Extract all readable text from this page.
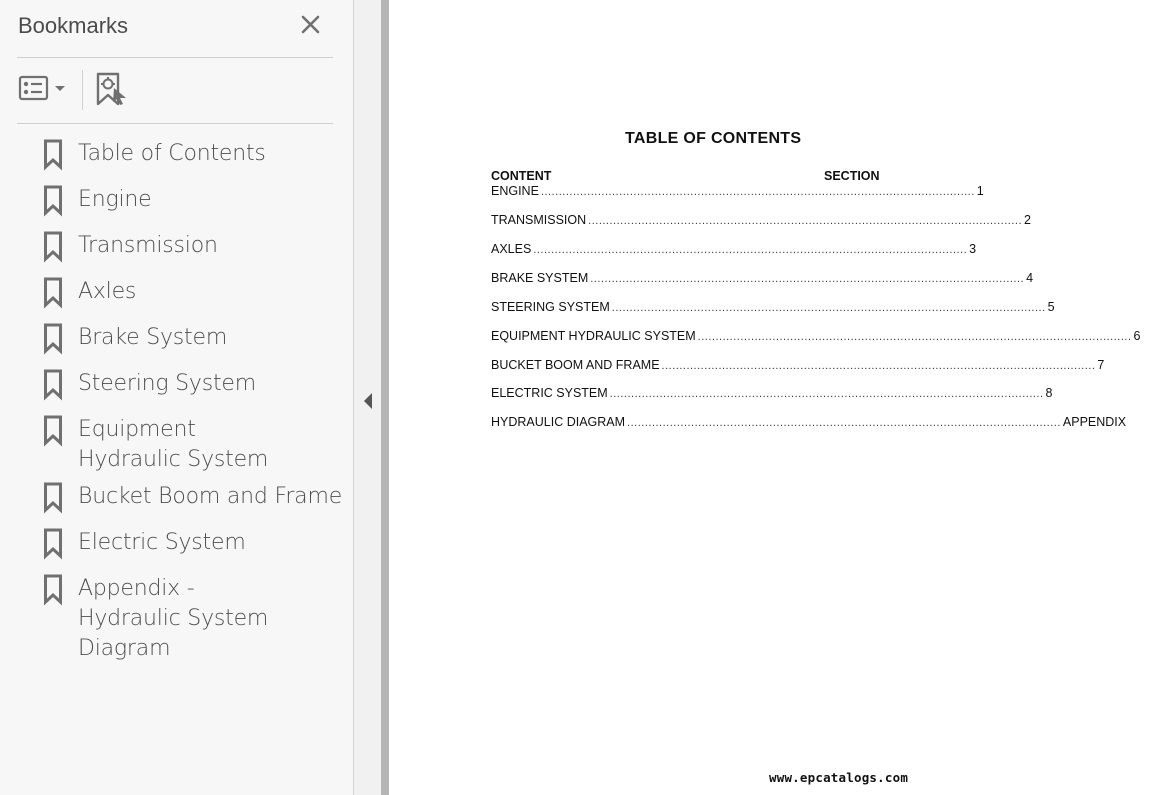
Bookmarks
Table of Contents
Engine
Transmission
Axles
Brake System
Steering System
Equipment Hydraulic System
Bucket Boom and Frame
Electric System
Appendix - Hydraulic System Diagram
TABLE OF CONTENTS
CONTENT	SECTION
ENGINE .......................................................................................................................... 1
TRANSMISSION .......................................................................................................................... 2
AXLES .......................................................................................................................... 3
BRAKE SYSTEM .......................................................................................................................... 4
STEERING SYSTEM .......................................................................................................................... 5
EQUIPMENT HYDRAULIC SYSTEM .......................................................................................................................... 6
BUCKET BOOM AND FRAME .......................................................................................................................... 7
ELECTRIC SYSTEM .......................................................................................................................... 8
HYDRAULIC DIAGRAM .......................................................................................................................... APPENDIX
www.epcatalogs.com
